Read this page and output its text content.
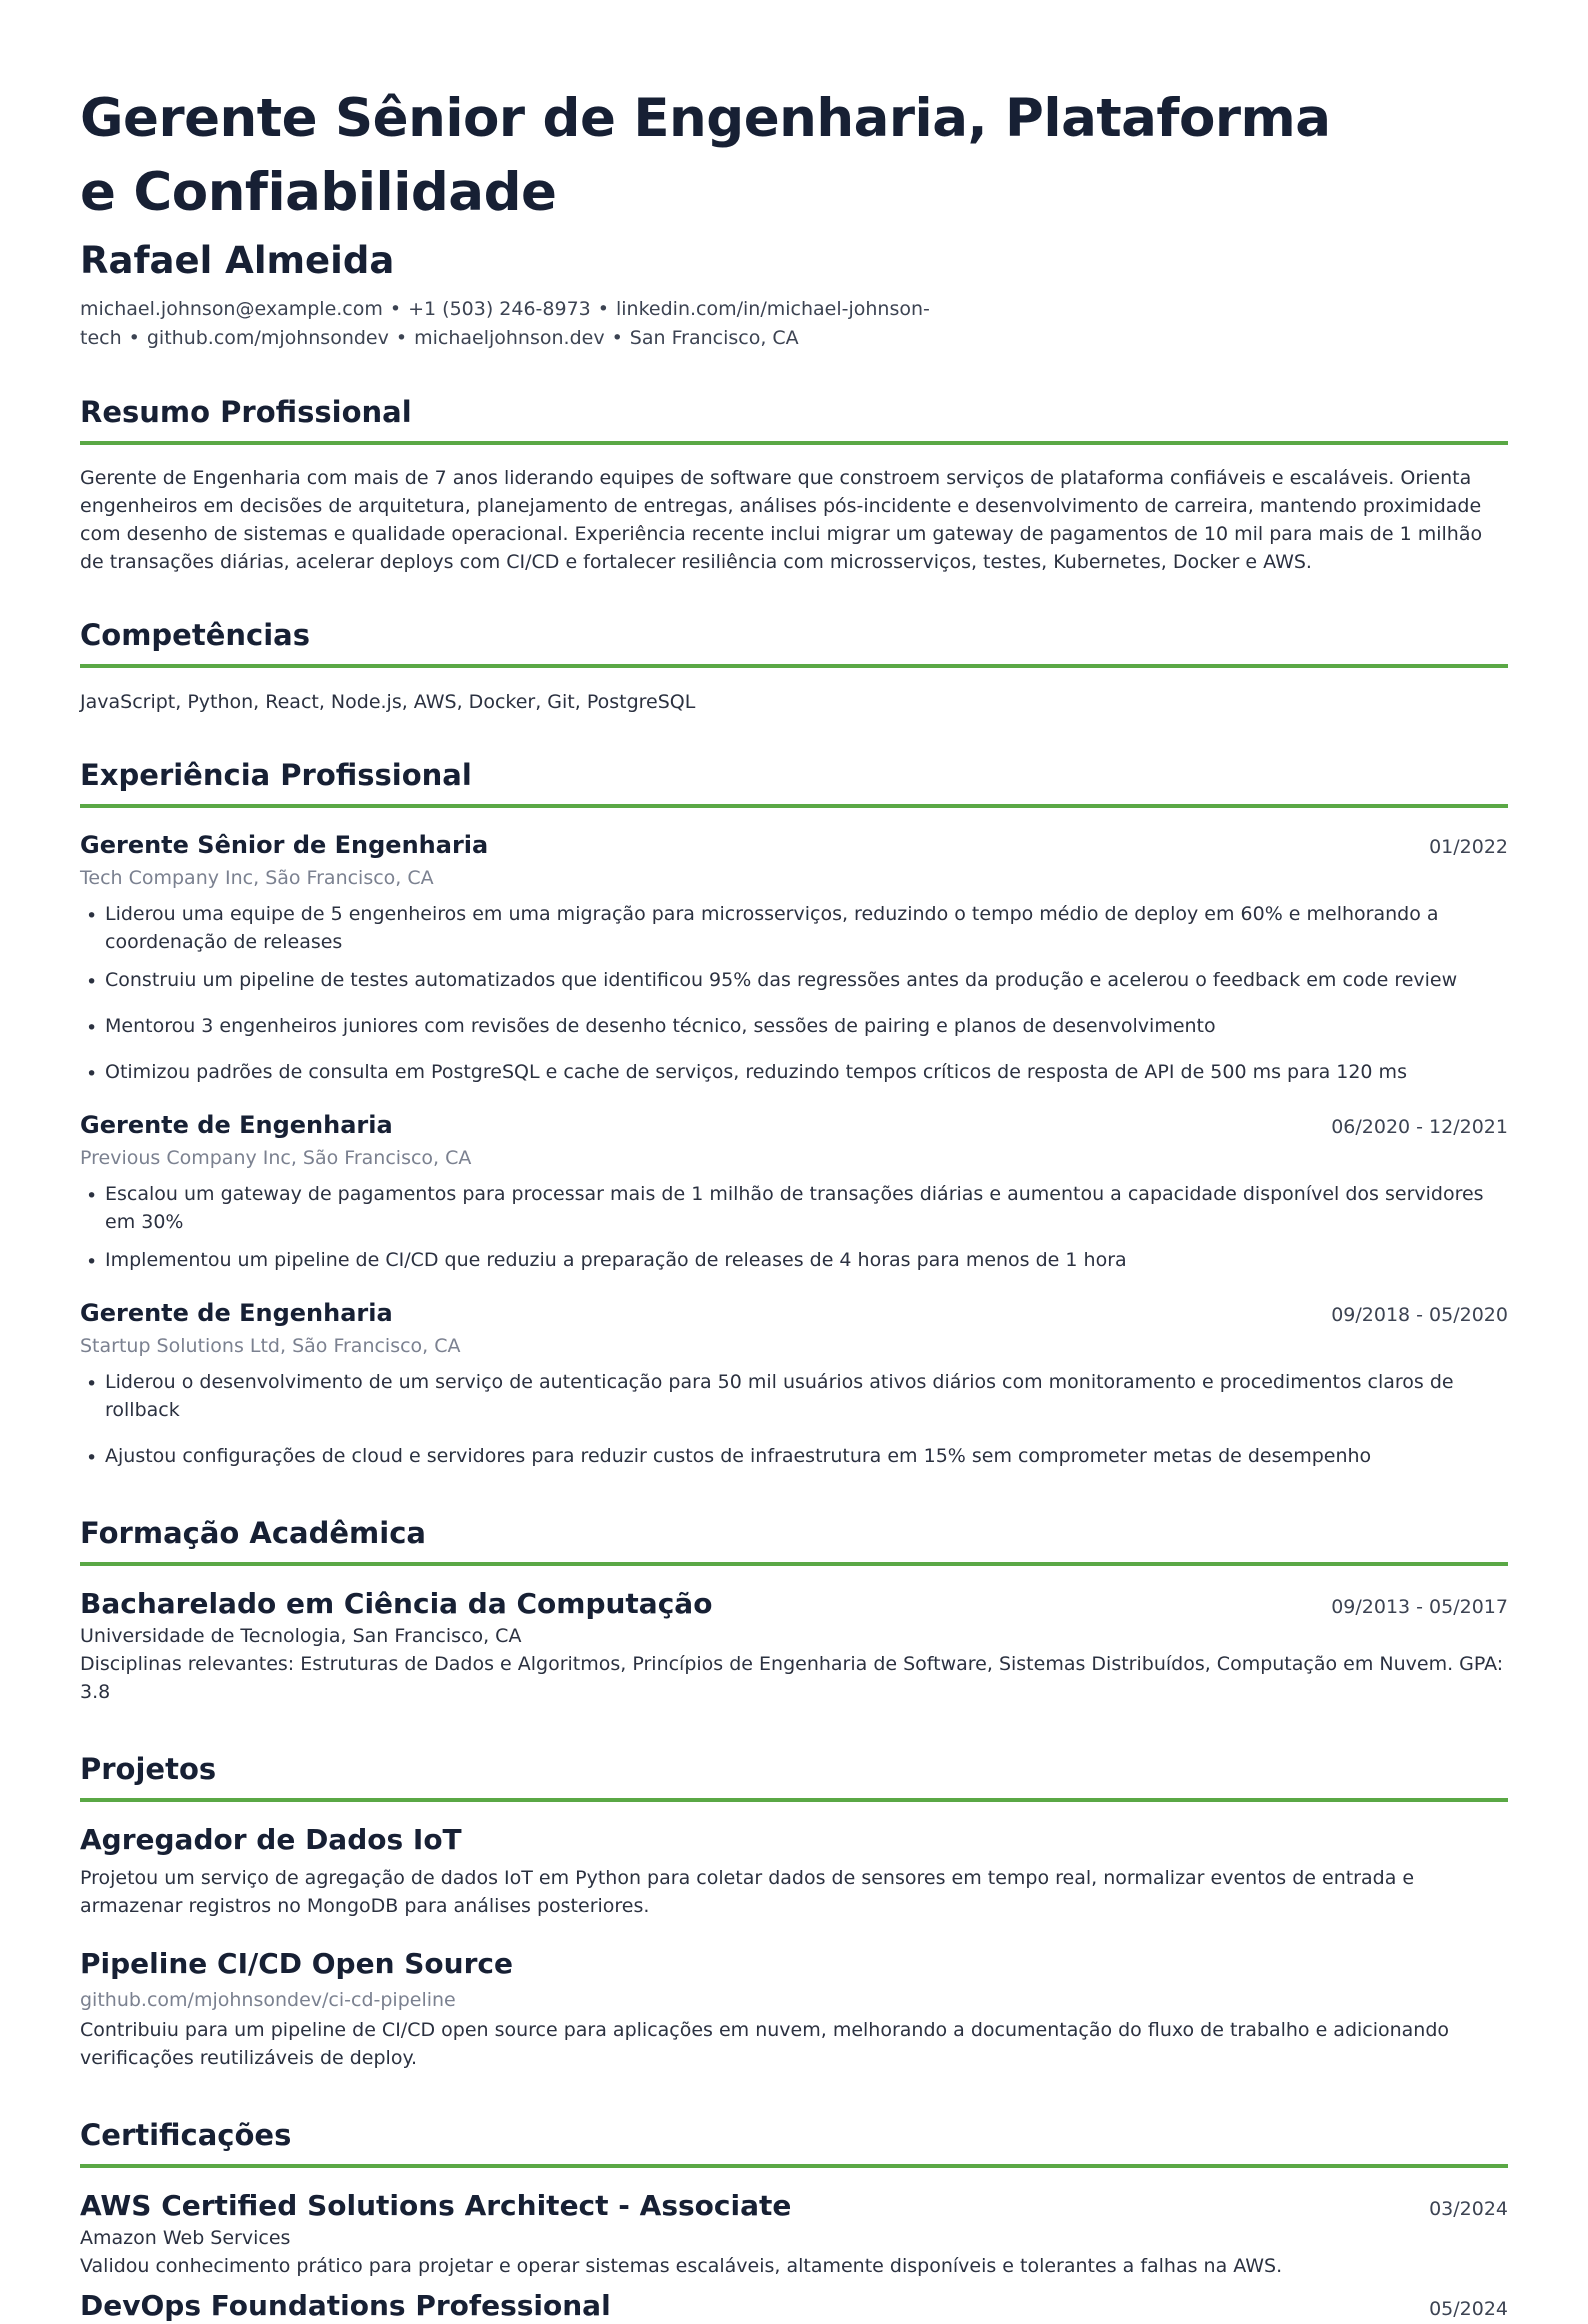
Gerente Sênior de Engenharia, Plataforma e Confiabilidade
Rafael Almeida
michael.johnson@example.com • +1 (503) 246-8973 • linkedin.com/in/michael-johnson-tech • github.com/mjohnsondev • michaeljohnson.dev • San Francisco, CA
Resumo Profissional
Gerente de Engenharia com mais de 7 anos liderando equipes de software que constroem serviços de plataforma confiáveis e escaláveis. Orienta engenheiros em decisões de arquitetura, planejamento de entregas, análises pós-incidente e desenvolvimento de carreira, mantendo proximidade com desenho de sistemas e qualidade operacional. Experiência recente inclui migrar um gateway de pagamentos de 10 mil para mais de 1 milhão de transações diárias, acelerar deploys com CI/CD e fortalecer resiliência com microsserviços, testes, Kubernetes, Docker e AWS.
Competências
JavaScript, Python, React, Node.js, AWS, Docker, Git, PostgreSQL
Experiência Profissional
Gerente Sênior de Engenharia	01/2022
Tech Company Inc, São Francisco, CA
• Liderou uma equipe de 5 engenheiros em uma migração para microsserviços, reduzindo o tempo médio de deploy em 60% e melhorando a coordenação de releases
• Construiu um pipeline de testes automatizados que identificou 95% das regressões antes da produção e acelerou o feedback em code review
• Mentorou 3 engenheiros juniores com revisões de desenho técnico, sessões de pairing e planos de desenvolvimento
• Otimizou padrões de consulta em PostgreSQL e cache de serviços, reduzindo tempos críticos de resposta de API de 500 ms para 120 ms
Gerente de Engenharia	06/2020 - 12/2021
Previous Company Inc, São Francisco, CA
• Escalou um gateway de pagamentos para processar mais de 1 milhão de transações diárias e aumentou a capacidade disponível dos servidores em 30%
• Implementou um pipeline de CI/CD que reduziu a preparação de releases de 4 horas para menos de 1 hora
Gerente de Engenharia	09/2018 - 05/2020
Startup Solutions Ltd, São Francisco, CA
• Liderou o desenvolvimento de um serviço de autenticação para 50 mil usuários ativos diários com monitoramento e procedimentos claros de rollback
• Ajustou configurações de cloud e servidores para reduzir custos de infraestrutura em 15% sem comprometer metas de desempenho
Formação Acadêmica
Bacharelado em Ciência da Computação	09/2013 - 05/2017
Universidade de Tecnologia, San Francisco, CA
Disciplinas relevantes: Estruturas de Dados e Algoritmos, Princípios de Engenharia de Software, Sistemas Distribuídos, Computação em Nuvem. GPA: 3.8
Projetos
Agregador de Dados IoT

Projetou um serviço de agregação de dados IoT em Python para coletar dados de sensores em tempo real, normalizar eventos de entrada e armazenar registros no MongoDB para análises posteriores.

Pipeline CI/CD Open Source
github.com/mjohnsondev/ci-cd-pipeline

Contribuiu para um pipeline de CI/CD open source para aplicações em nuvem, melhorando a documentação do fluxo de trabalho e adicionando verificações reutilizáveis de deploy.

Certificações
AWS Certified Solutions Architect - Associate	03/2024
Amazon Web Services
Validou conhecimento prático para projetar e operar sistemas escaláveis, altamente disponíveis e tolerantes a falhas na AWS.
DevOps Foundations Professional	05/2024
